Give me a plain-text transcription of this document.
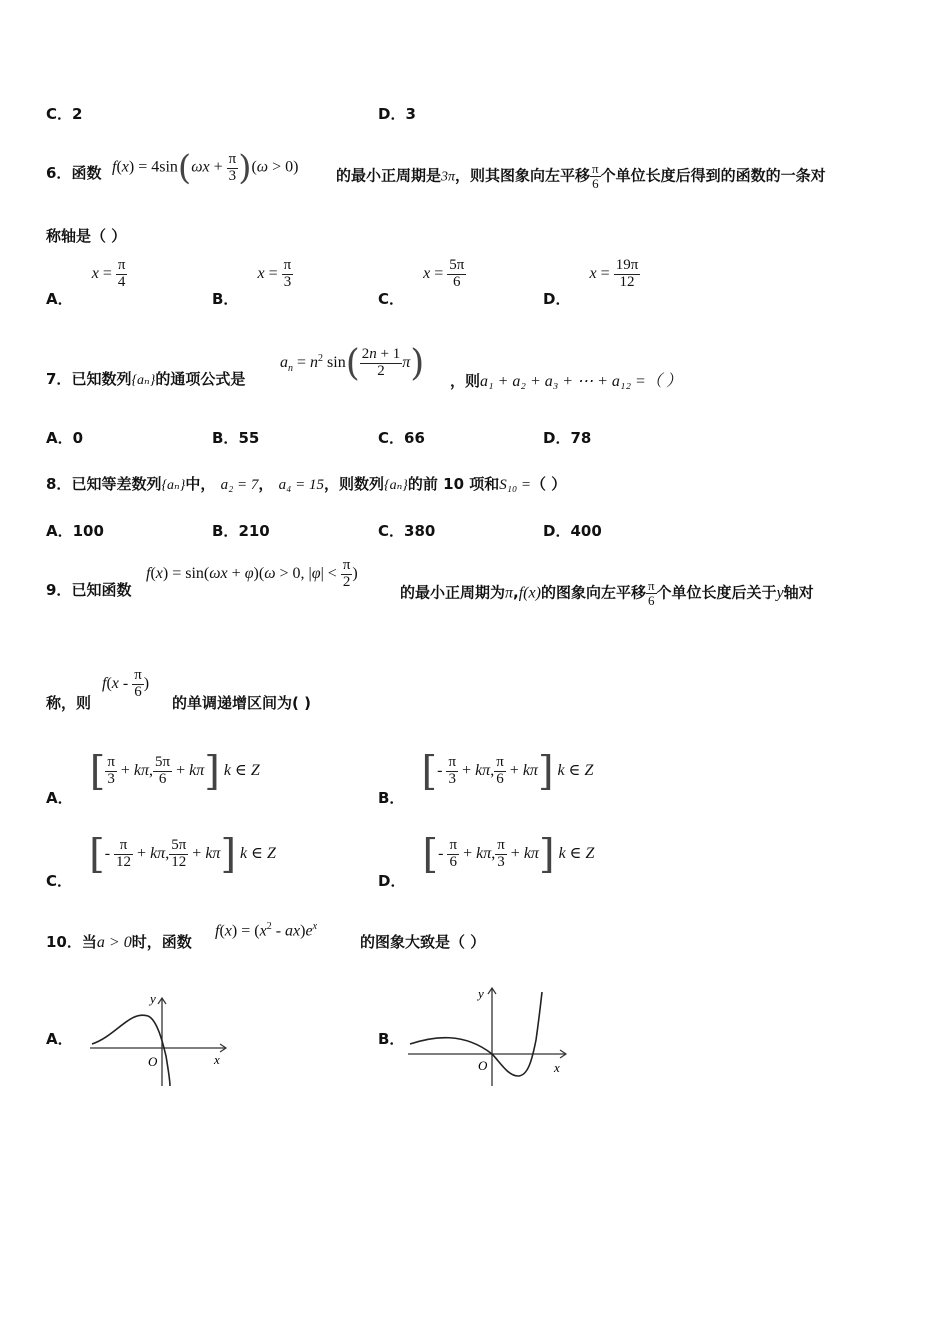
C．2	D．3
6．函数 $f(x) = 4\sin(\omega x + \frac{\pi}{3} )(\omega > 0)$	的最小正周期是3π，则其图象向左平移 $\frac{\pi}{6}$ 个单位长度后得到的函数的一条对
称轴是（ ）
A． $x = \frac{\pi}{4}$
B． $x = \frac{\pi}{3}$
C． $x = \frac{5\pi}{6}$
D． $x = \frac{19\pi}{12}$
7．已知数列{aₙ}的通项公式是
$a_n = n^2$ $\sin( \frac{2n + 1}{2} \pi)$ ，则a₁ + a₂ + a₃ + ⋯ + a₁₂ =（ ）
A．0	B．55	C．66	D．78
8．已知等差数列{aₙ}中， a₂ = 7， a₄ = 15，则数列{aₙ}的前 10 项和S₁₀ =（ ）
A．100	B．210	C．380	D．400
9．已知函数
f(x) = sin(ωx + φ)(ω > 0, $|\varphi| < \frac{\pi}{2}$ )
的最小正周期为π,f(x)的图象向左平移 $\frac{\pi}{6}$ 个单位长度后关于y轴对
称，则
$f(x - \frac{\pi}{6}$ )
的单调递增区间为( )
A． [ $\frac{\pi}{3} + k\pi$, $\frac{5\pi}{6} + k\pi$] k ∈ Z
B． [- $\frac{\pi}{3} + k\pi$, $\frac{\pi}{6} + k\pi$] k ∈ Z
C． [- $\frac{\pi}{12} + k\pi$, $\frac{5\pi}{12} + k\pi$] k ∈ Z
D． [- $\frac{\pi}{6} + k\pi$, $\frac{\pi}{3} + k\pi$] k ∈ Z
10．当a > 0时，函数
$f(x) = (x^2 - ax)e^x$
的图象大致是（ ）
A．
y
x
O
B．
y
x
O
